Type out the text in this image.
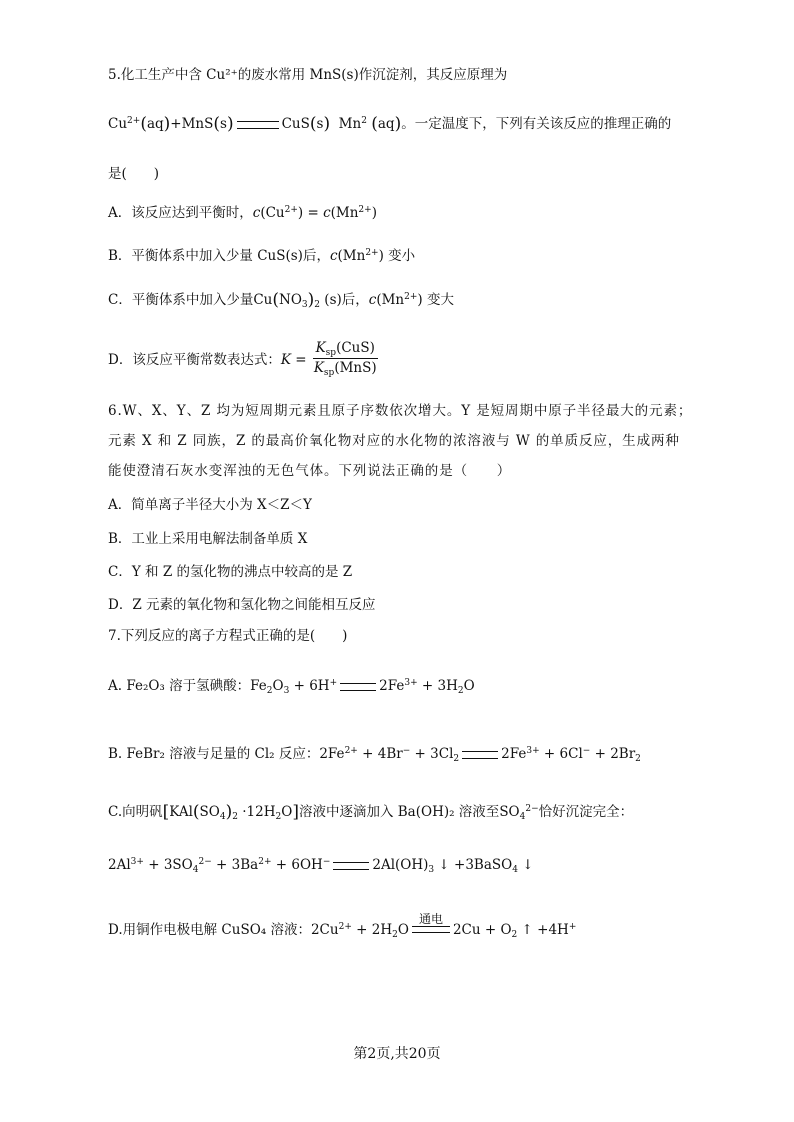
5.化工生产中含 Cu²⁺的废水常用 MnS(s)作沉淀剂，其反应原理为
$Cu^{2+}(aq)+MnS(s)$	CuS(s)  Mn$^2$ (aq)。一定温度下，下列有关该反应的推理正确的
是(　　)
A．该反应达到平衡时，$c(Cu^{2+}) = c(Mn^{2+})$
B．平衡体系中加入少量 CuS(s)后，$c(Mn^{2+})$ 变小
C．平衡体系中加入少量$Cu(NO_3)_2$ (s)后，$c(Mn^{2+})$ 变大
D．该反应平衡常数表达式：$K = \frac{K_{sp}(CuS)}{K_{sp}(MnS)}$
6.W、X、Y、Z 均为短周期元素且原子序数依次增大。Y 是短周期中原子半径最大的元素；
元素 X 和 Z 同族，Z 的最高价氧化物对应的水化物的浓溶液与 W 的单质反应，生成两种
能使澄清石灰水变浑浊的无色气体。下列说法正确的是（　　）
A．简单离子半径大小为 X＜Z＜Y
B．工业上采用电解法制备单质 X
C．Y 和 Z 的氢化物的沸点中较高的是 Z
D．Z 元素的氧化物和氢化物之间能相互反应
7.下列反应的离子方程式正确的是(　　)
A. Fe₂O₃ 溶于氢碘酸：$Fe_2O_3 + 6H^+$	$2Fe^{3+} + 3H_2O$
B. FeBr₂ 溶液与足量的 Cl₂ 反应：$2Fe^{2+} + 4Br^- + 3Cl_2$	$2Fe^{3+} + 6Cl^- + 2Br_2$
C.向明矾$[KAl(SO_4)_2 \cdot 12H_2O]$溶液中逐滴加入 Ba(OH)₂ 溶液至$SO_4^{2-}$恰好沉淀完全：
$2Al^{3+} + 3SO_4^{2-} + 3Ba^{2+} + 6OH^-$	$2Al(OH)_3$ ↓ +3BaSO$_4$ ↓
D.用铜作电极电解 CuSO₄ 溶液：$2Cu^{2+} + 2H_2O$
通电
$2Cu + O_2$ ↑ +4H+
第2页,共20页
